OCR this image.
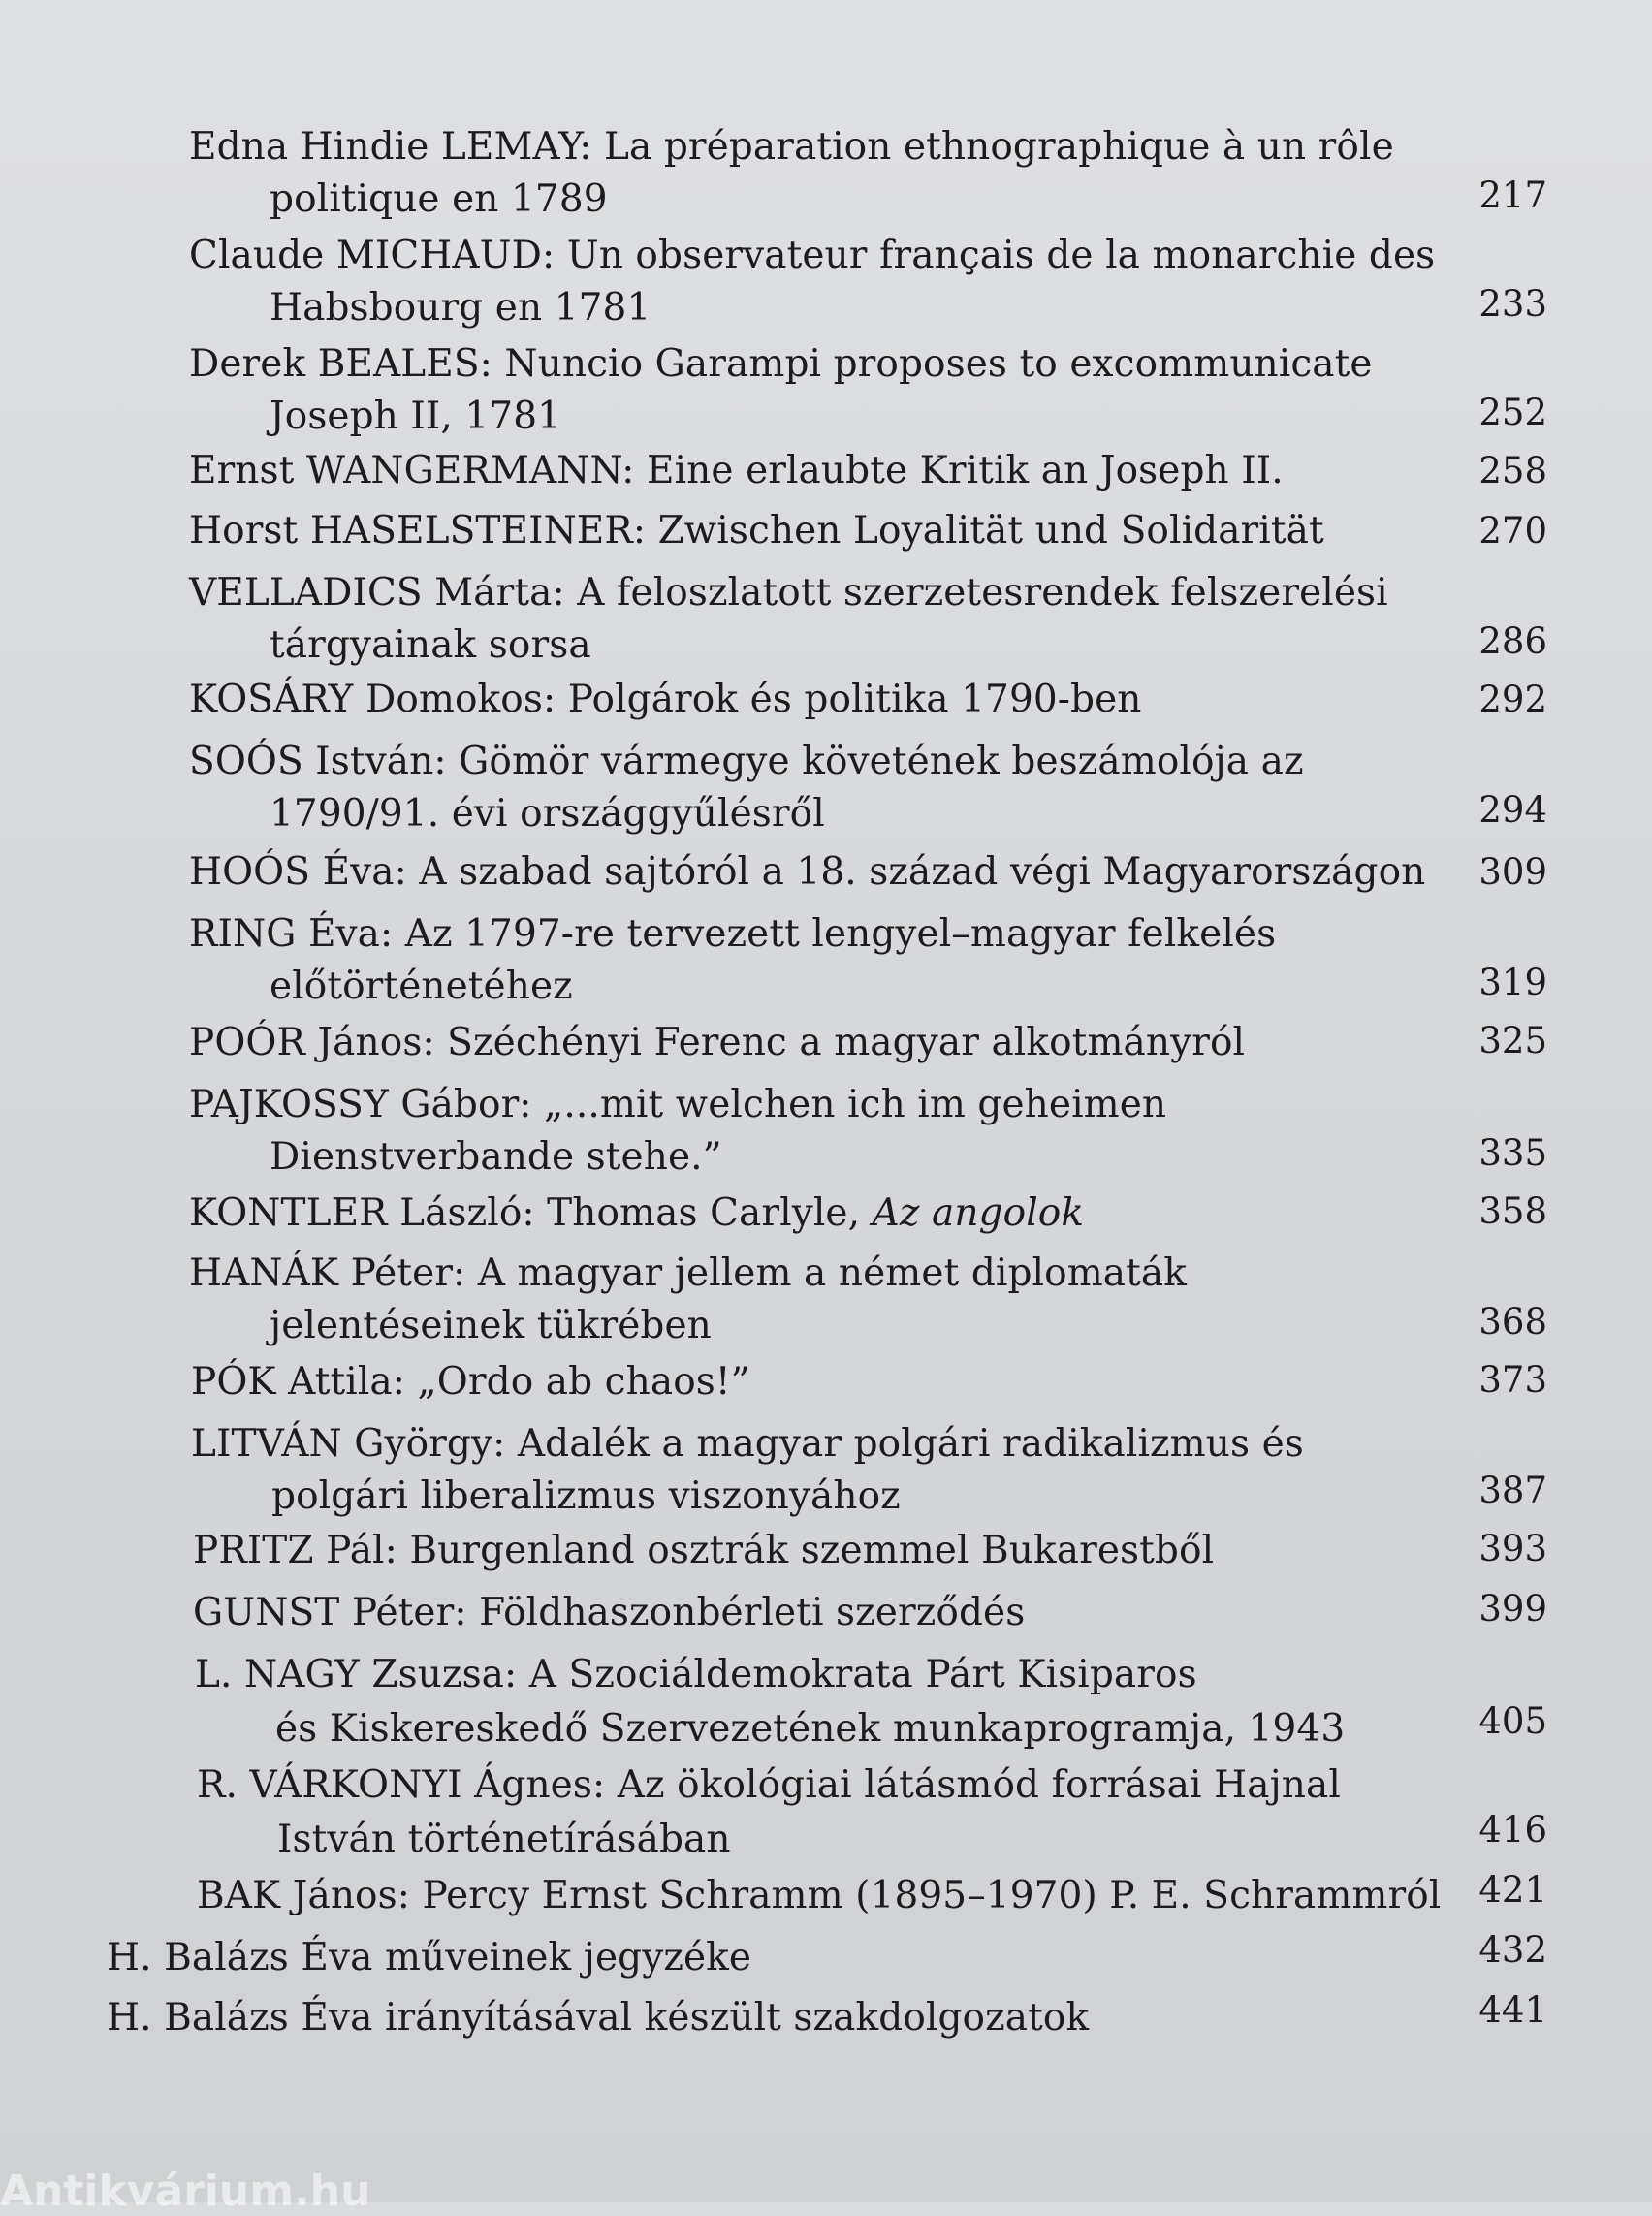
Edna Hindie LEMAY: La préparation ethnographique à un rôle
politique en 1789	217
Claude MICHAUD: Un observateur français de la monarchie des
Habsbourg en 1781	233
Derek BEALES: Nuncio Garampi proposes to excommunicate
Joseph II, 1781	252
Ernst WANGERMANN: Eine erlaubte Kritik an Joseph II.	258
Horst HASELSTEINER: Zwischen Loyalität und Solidarität	270
VELLADICS Márta: A feloszlatott szerzetesrendek felszerelési
tárgyainak sorsa	286
KOSÁRY Domokos: Polgárok és politika 1790-ben	292
SOÓS István: Gömör vármegye követének beszámolója az
1790/91. évi országgyűlésről	294
HOÓS Éva: A szabad sajtóról a 18. század végi Magyarországon 309
RING Éva: Az 1797-re tervezett lengyel–magyar felkelés
előtörténetéhez	319
POÓR János: Széchényi Ferenc a magyar alkotmányról	325
PAJKOSSY Gábor: „...mit welchen ich im geheimen
Dienstverbande stehe.”	335
KONTLER László: Thomas Carlyle, Az angolok	358
HANÁK Péter: A magyar jellem a német diplomaták
jelentéseinek tükrében	368
PÓK Attila: „Ordo ab chaos!”	373
LITVÁN György: Adalék a magyar polgári radikalizmus és
polgári liberalizmus viszonyához	387
PRITZ Pál: Burgenland osztrák szemmel Bukarestből	393
GUNST Péter: Földhaszonbérleti szerződés	399
L. NAGY Zsuzsa: A Szociáldemokrata Párt Kisiparos
és Kiskereskedő Szervezetének munkaprogramja, 1943	405
R. VÁRKONYI Ágnes: Az ökológiai látásmód forrásai Hajnal
István történetírásában	416
BAK János: Percy Ernst Schramm (1895–1970) P. E. Schrammról 421
H. Balázs Éva műveinek jegyzéke	432
H. Balázs Éva irányításával készült szakdolgozatok	441
Antikvárium.hu
